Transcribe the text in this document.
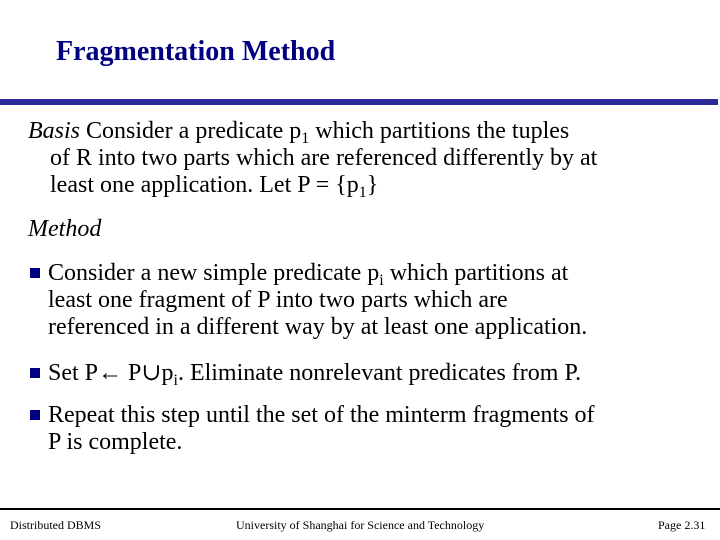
Fragmentation Method
Basis Consider a predicate $p_1$ which partitions the tuples
of R into two parts which are referenced differently by at
least one application. Let $P = \{p_1\}$
Method
Consider a new simple predicate $p_i$ which partitions at
least one fragment of P into two parts which are
referenced in a different way by at least one application.
Set P← $P\cup p_i$. Eliminate nonrelevant predicates from P.
Repeat this step until the set of the minterm fragments of
P is complete.
Distributed DBMS	University of Shanghai for Science and Technology	Page 2.31
